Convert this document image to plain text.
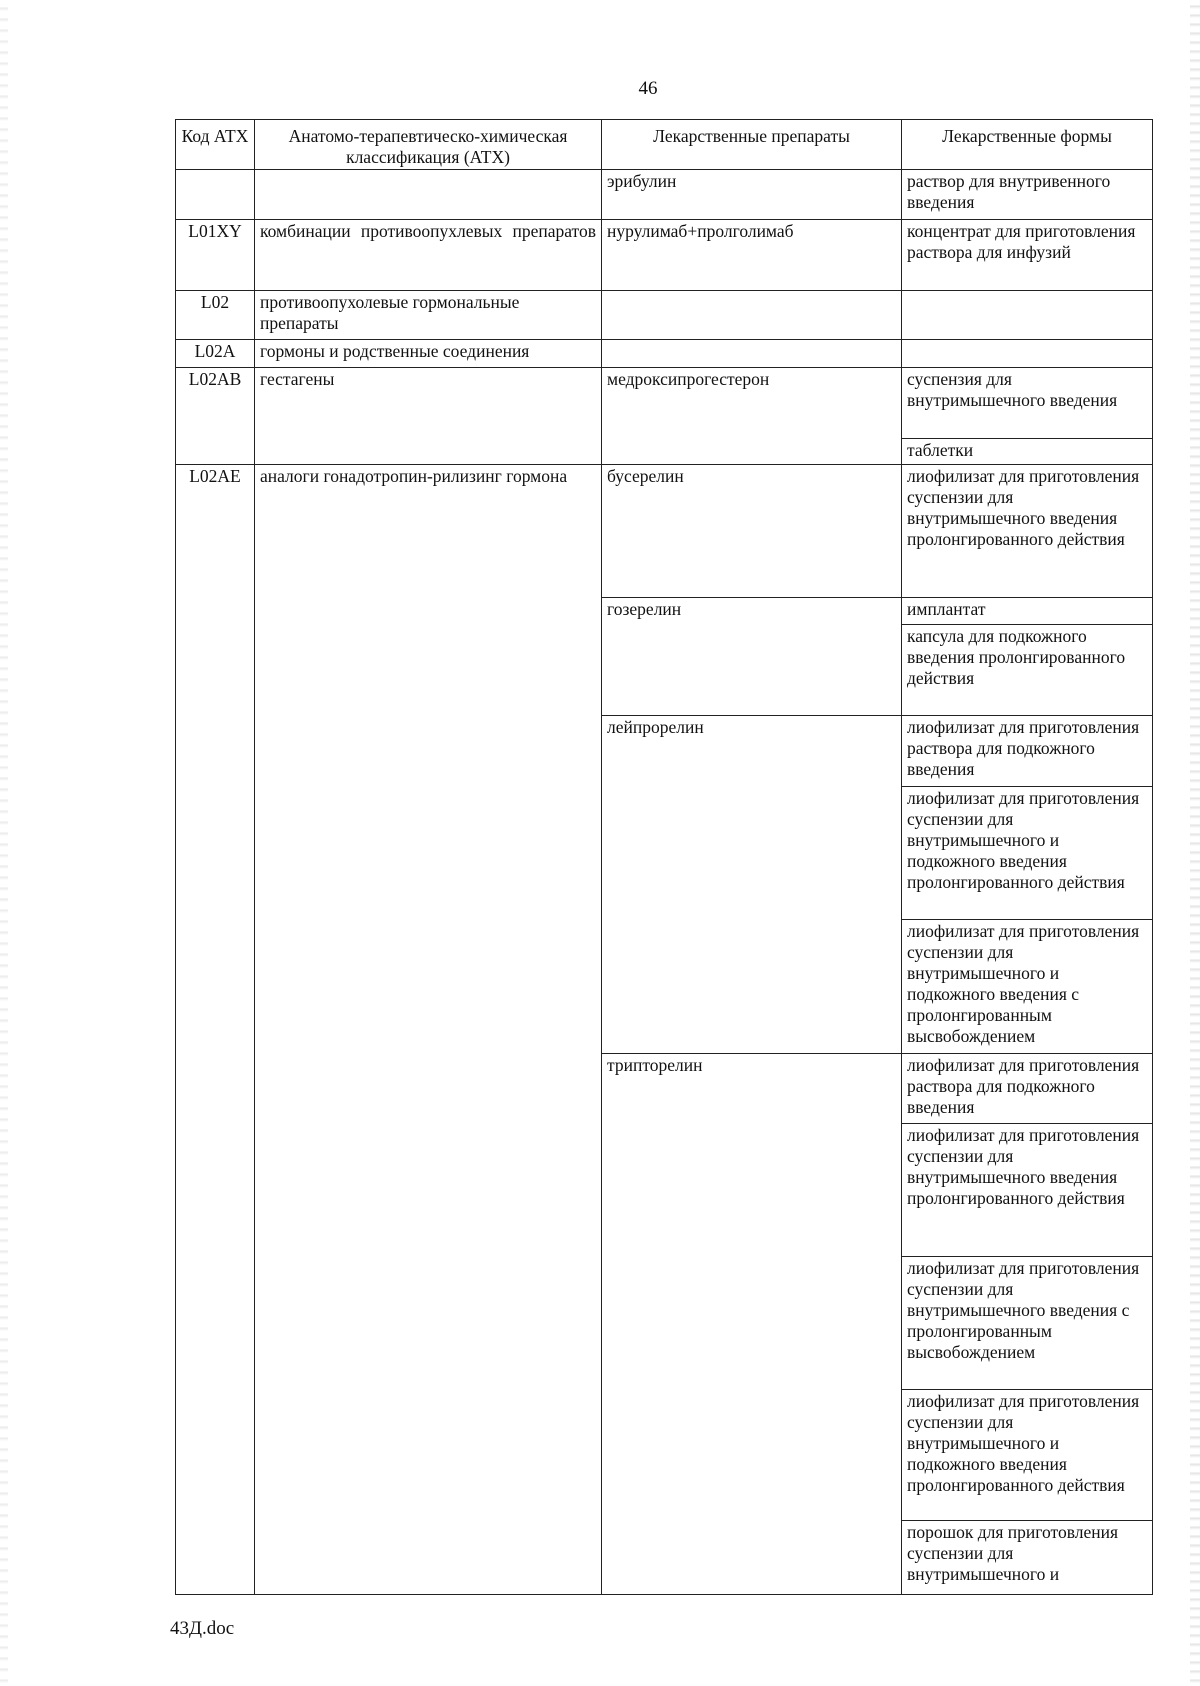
46
Код АТХ	Анатомо-терапевтическо-химическая классификация (АТХ)	Лекарственные препараты	Лекарственные формы
		эрибулин	раствор для внутривенного введения
L01XY	комбинации противоопухлевых препаратов	нурулимаб+пролголимаб	концентрат для приготовления раствора для инфузий
L02	противоопухолевые гормональные препараты		
L02A	гормоны и родственные соединения		
L02AB	гестагены	медроксипрогестерон	суспензия для внутримышечного введения
			таблетки
L02AE	аналоги гонадотропин-рилизинг гормона	бусерелин	лиофилизат для приготовления суспензии для внутримышечного введения пролонгированного действия
		гозерелин	имплантат
			капсула для подкожного введения пролонгированного действия
		лейпрорелин	лиофилизат для приготовления раствора для подкожного введения
			лиофилизат для приготовления суспензии для внутримышечного и подкожного введения пролонгированного действия
			лиофилизат для приготовления суспензии для внутримышечного и подкожного введения с пролонгированным высвобождением
		трипторелин	лиофилизат для приготовления раствора для подкожного введения
			лиофилизат для приготовления суспензии для внутримышечного введения пролонгированного действия
			лиофилизат для приготовления суспензии для внутримышечного введения с пролонгированным высвобождением
			лиофилизат для приготовления суспензии для внутримышечного и подкожного введения пролонгированного действия
			порошок для приготовления суспензии для внутримышечного и
43Д.doc
